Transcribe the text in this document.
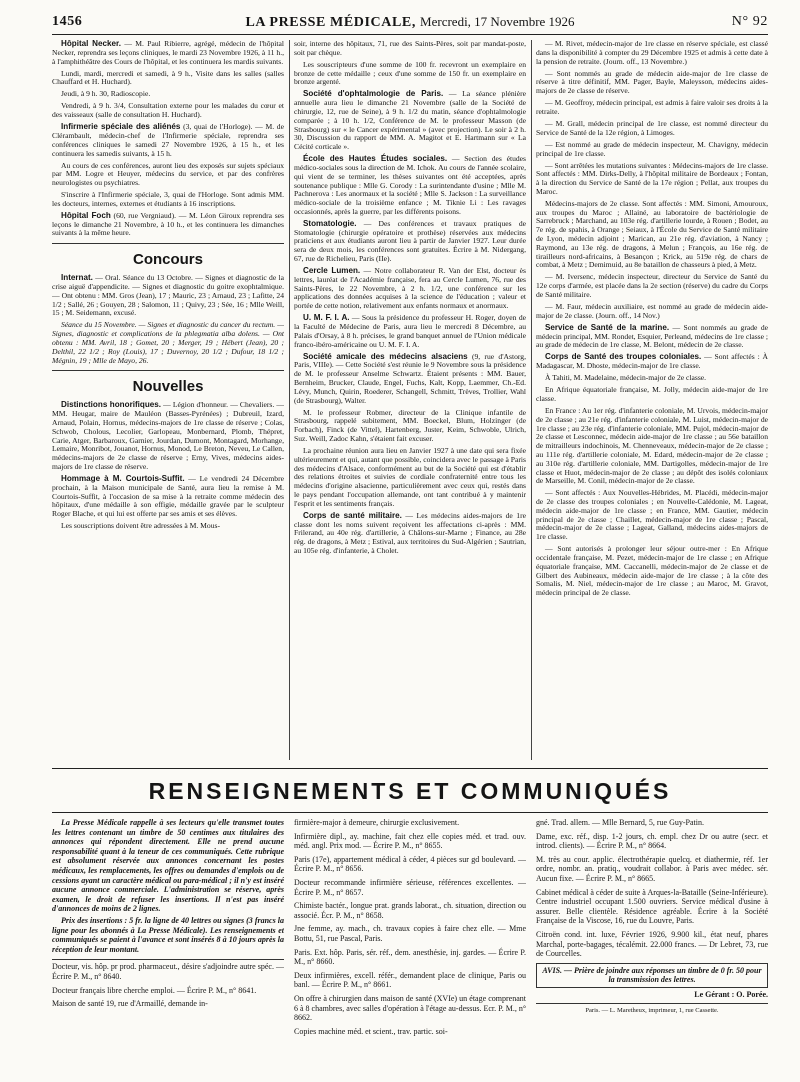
1456	LA PRESSE MÉDICALE, Mercredi, 17 Novembre 1926	N° 92

Hôpital Necker. — M. Paul Ribierre, agrégé, médecin de l'hôpital Necker, reprendra ses leçons cliniques, le mardi 23 Novembre 1926, à 11 h., à l'amphithéâtre des Cours de l'hôpital, et les continuera les mardis suivants.

Lundi, mardi, mercredi et samedi, à 9 h., Visite dans les salles (salles Chauffard et H. Huchard).

Jeudi, à 9 h. 30, Radioscopie.

Vendredi, à 9 h. 3/4, Consultation externe pour les malades du cœur et des vaisseaux (salle de consultation H. Huchard).

Infirmerie spéciale des aliénés (3, quai de l'Horloge). — M. de Clérambault, médecin-chef de l'Infirmerie spéciale, reprendra ses conférences cliniques le samedi 27 Novembre 1926, à 15 h., et les continuera les samedis suivants, à 15 h.

Au cours de ces conférences, auront lieu des exposés sur sujets spéciaux par MM. Logre et Heuyer, médecins du service, et par des confrères neurologistes ou psychiatres.

S'inscrire à l'Infirmerie spéciale, 3, quai de l'Horloge. Sont admis MM. les docteurs, internes, externes et étudiants à 16 inscriptions.

Hôpital Foch (60, rue Vergniaud). — M. Léon Giroux reprendra ses leçons le dimanche 21 Novembre, à 10 h., et les continuera les dimanches suivants à la même heure.

Concours

Internat. — Oral. Séance du 13 Octobre. — Signes et diagnostic de la crise aiguë d'appendicite. — Signes et diagnostic du goitre exophtalmique. — Ont obtenu : MM. Gros (Jean), 17 ; Mauric, 23 ; Arnaud, 23 ; Lafitte, 24 1/2 ; Sallé, 26 ; Gouyen, 28 ; Salomon, 11 ; Quivy, 23 ; Sée, 16 ; Mlle Weill, 15 ; M. Seidemann, excusé.

Séance du 15 Novembre. — Signes et diagnostic du cancer du rectum. — Signes, diagnostic et complications de la phlegmatia alba dolens. — Ont obtenu : MM. Avril, 18 ; Gomet, 20 ; Merger, 19 ; Hébert (Jean), 20 ; Delthil, 22 1/2 ; Roy (Louis), 17 ; Duvernoy, 20 1/2 ; Dufour, 18 1/2 ; Mégnin, 19 ; Mlle de Mayo, 26.

Nouvelles

Distinctions honorifiques. — Légion d'honneur. — Chevaliers. — MM. Heugar, maire de Mauléon (Basses-Pyrénées) ; Dubreuil, Izard, Arnaud, Polain, Hornus, médecins-majors de 1re classe de réserve ; Colas, Schwob, Cholous, Lecolier, Garlopeau, Monbernard, Plomb, Thépret, Carie, Atger, Barbaroux, Garnier, Jourdan, Dumont, Montagard, Morhange, Lemaire, Monribot, Jouanot, Hornus, Monod, Le Breton, Neveu, Le Callen, médecins-majors de 2e classe de réserve ; Erny, Vives, médecins aides-majors de 1re classe de réserve.

Hommage à M. Courtois-Suffit. — Le vendredi 24 Décembre prochain, à la Maison municipale de Santé, aura lieu la remise à M. Courtois-Suffit, à l'occasion de sa mise à la retraite comme médecin des hôpitaux, d'une médaille à son effigie, médaille gravée par le sculpteur Roger Blache, et qui lui est offerte par ses amis et ses élèves.

Les souscriptions doivent être adressées à M. Mous-

soir, interne des hôpitaux, 71, rue des Saints-Pères, soit par mandat-poste, soit par chèque.

Les souscripteurs d'une somme de 100 fr. recevront un exemplaire en bronze de cette médaille ; ceux d'une somme de 150 fr. un exemplaire en bronze argenté.

Société d'ophtalmologie de Paris. — La séance plénière annuelle aura lieu le dimanche 21 Novembre (salle de la Société de chirurgie, 12, rue de Seine), à 9 h. 1/2 du matin, séance d'ophtalmologie comparée ; à 10 h. 1/2, Conférence de M. le professeur Masson (de Strasbourg) sur « le Cancer expérimental » (avec projection). Le soir à 2 h. 30, Discussion du rapport de MM. A. Magitot et E. Hartmann sur « La Cécité corticale ».

École des Hautes Études sociales. — Section des études médico-sociales sous la direction de M. Ichok. Au cours de l'année scolaire, qui vient de se terminer, les thèses suivantes ont été acceptées, après soutenance publique : Mlle G. Corody : La surintendante d'usine ; Mlle M. Pachnerova : Les anormaux et la société ; Mlle S. Jackson : La surveillance médico-sociale de la troisième enfance ; M. Tiknie Li : Les ravages occasionnés, après la guerre, par les différents poisons.

Stomatologie. — Des conférences et travaux pratiques de Stomatologie (chirurgie opératoire et prothèse) réservées aux médecins praticiens et aux étudiants auront lieu à partir de Janvier 1927. Leur durée sera de deux mois, les conférences sont gratuites. Écrire à M. Nidergang, 67, rue de Richelieu, Paris (IIe).

Cercle Lumen. — Notre collaborateur R. Van der Elst, docteur ès lettres, lauréat de l'Académie française, fera au Cercle Lumen, 76, rue des Saints-Pères, le 22 Novembre, à 2 h. 1/2, une conférence sur les applications des données acquises à la science de l'éducation ; valeur et portée de cette notion, relativement aux enfants normaux et anormaux.

U. M. F. I. A. — Sous la présidence du professeur H. Roger, doyen de la Faculté de Médecine de Paris, aura lieu le mercredi 8 Décembre, au Palais d'Orsay, à 8 h. précises, le grand banquet annuel de l'Union médicale franco-ibéro-américaine ou U. M. F. I. A.

Société amicale des médecins alsaciens (9, rue d'Astorg, Paris, VIIIe). — Cette Société s'est réunie le 9 Novembre sous la présidence de M. le professeur Anselme Schwartz. Étaient présents : MM. Bauer, Bernheim, Brucker, Claude, Engel, Fuchs, Kalt, Kopp, Laemmer, Ch.-Ed. Lévy, Munch, Quirin, Roederer, Schangell, Schmitt, Trèves, Trollier, Wahl (de Strasbourg), Walter.

M. le professeur Robmer, directeur de la Clinique infantile de Strasbourg, rappelé subitement, MM. Boeckel, Blum, Holzinger (de Forbach), Finck (de Vittel), Hartenberg, Juster, Keim, Schwoble, Ulrich, Suz. Weill, Zadoc Kahn, s'étaient fait excuser.

La prochaine réunion aura lieu en Janvier 1927 à une date qui sera fixée ultérieurement et qui, autant que possible, coincidera avec le passage à Paris des médecins d'Alsace, conformément au but de la Société qui est d'établir des relations étroites et suivies de cordiale confraternité entre tous les médecins d'origine alsacienne, particulièrement avec ceux qui, restés dans le pays pendant l'occupation allemande, ont tant contribué à y maintenir l'esprit et les sentiments français.

Corps de santé militaire. — Les médecins aides-majors de 1re classe dont les noms suivent reçoivent les affectations ci-après : MM. Frilerand, au 40e rég. d'artillerie, à Châlons-sur-Marne ; Finance, au 28e rég. de dragons, à Metz ; Estival, aux territoires du Sud-Algérien ; Sautrian, au 105e rég. d'infanterie, à Cholet.

— M. Rivet, médecin-major de 1re classe en réserve spéciale, est classé dans la disponibilité à compter du 29 Décembre 1925 et admis à cette date à la pension de retraite. (Journ. off., 13 Novembre.)

— Sont nommés au grade de médecin aide-major de 1re classe de réserve à titre définitif, MM. Pager, Bayle, Maleysson, médecins aides-majors de 2e classe de réserve.

— M. Geoffroy, médecin principal, est admis à faire valoir ses droits à la retraite.

— M. Grall, médecin principal de 1re classe, est nommé directeur du Service de Santé de la 12e région, à Limoges.

— Est nommé au grade de médecin inspecteur, M. Chavigny, médecin principal de 1re classe.

— Sont arrêtées les mutations suivantes : Médecins-majors de 1re classe. Sont affectés : MM. Dirks-Delly, à l'hôpital militaire de Bordeaux ; Fontan, à la direction du Service de Santé de la 17e région ; Pellat, aux troupes du Maroc.

Médecins-majors de 2e classe. Sont affectés : MM. Simoni, Amouroux, aux troupes du Maroc ; Allainé, au laboratoire de bactériologie de Sarrebruck ; Marchand, au 103e rég. d'artillerie lourde, à Rouen ; Bodet, au 7e rég. de spahis, à Orange ; Seiaux, à l'École du Service de Santé militaire de Lyon, médecin adjoint ; Marican, au 21e rég. d'aviation, à Nancy ; Raymond, au 13e rég. de dragons, à Melun ; François, au 16e rég. de tirailleurs nord-africains, à Besançon ; Krick, au 519e rég. de chars de combat, à Metz ; Demimuid, au 8e bataillon de chasseurs à pied, à Metz.

— M. Iversenc, médecin inspecteur, directeur du Service de Santé du 12e corps d'armée, est placée dans la 2e section (réserve) du cadre du Corps de Santé militaire.

— M. Faur, médecin auxiliaire, est nommé au grade de médecin aide-major de 2e classe. (Journ. off., 14 Nov.)

Service de Santé de la marine. — Sont nommés au grade de médecin principal, MM. Rondet, Esquier, Perleand, médecins de 1re classe ; au grade de médecin de 1re classe, M. Belont, médecin de 2e classe.

Corps de Santé des troupes coloniales. — Sont affectés : À Madagascar, M. Dhoste, médecin-major de 1re classe.

À Tahiti, M. Madelaine, médecin-major de 2e classe.

En Afrique équatoriale française, M. Jolly, médecin aide-major de 1re classe.

En France : Au 1er rég. d'infanterie coloniale, M. Urvois, médecin-major de 2e classe ; au 21e rég. d'infanterie coloniale, M. Luist, médecin-major de 1re classe ; au 23e rég. d'infanterie coloniale, MM. Pujol, médecin-major de 2e classe et Lesconnec, médecin aide-major de 1re classe ; au 56e bataillon de mitrailleurs indochinois, M. Chenneveaux, médecin-major de 2e classe ; au 111e rég. d'artillerie coloniale, M. Edard, médecin-major de 2e classe ; au 310e rég. d'artillerie coloniale, MM. Dartigolles, médecin-major de 1re classe et Huot, médecin-major de 2e classe ; au dépôt des isolés coloniaux de Marseille, M. Conil, médecin-major de 2e classe.

— Sont affectés : Aux Nouvelles-Hébrides, M. Placédi, médecin-major de 2e classe des troupes coloniales ; en Nouvelle-Calédonie, M. Lageat, médecin aide-major de 1re classe ; en France, MM. Gautier, médecin principal de 2e classe ; Chaillet, médecin-major de 1re classe ; Pascal, médecin-major de 2e classe ; Lageat, Galland, médecins aides-majors de 1re classe.

— Sont autorisés à prolonger leur séjour outre-mer : En Afrique occidentale française, M. Pezet, médecin-major de 1re classe ; en Afrique équatoriale française, MM. Caccanelli, médecin-major de 2e classe et de Gilbert des Aubineaux, médecin aide-major de 1re classe ; à la côte des Somalis, M. Niel, médecin-major de 1re classe ; au Maroc, M. Gravot, médecin principal de 2e classe.

RENSEIGNEMENTS ET COMMUNIQUÉS

La Presse Médicale rappelle à ses lecteurs qu'elle transmet toutes les lettres contenant un timbre de 50 centimes aux titulaires des annonces qui répondent directement. Elle ne prend aucune responsabilité quant à la teneur de ces communiqués. Cette rubrique est absolument réservée aux annonces concernant les postes médicaux, les remplacements, les offres ou demandes d'emplois ou de cessions ayant un caractère médical ou para-médical ; il n'y est inséré aucune annonce commerciale. L'administration se réserve, après examen, le droit de refuser les insertions. Il n'est pas inséré d'annonces de moins de 2 lignes.

Prix des insertions : 5 fr. la ligne de 40 lettres ou signes (3 francs la ligne pour les abonnés à La Presse Médicale). Les renseignements et communiqués se paient à l'avance et sont insérés 8 à 10 jours après la réception de leur montant.

Docteur, vis. hôp. pr prod. pharmaceut., désire s'adjoindre autre spéc. — Écrire P. M., n° 8640.

Docteur français libre cherche emploi. — Écrire P. M., n° 8641.

Maison de santé 19, rue d'Armaillé, demande in-

firmière-major à demeure, chirurgie exclusivement.

Infirmière dipl., ay. machine, fait chez elle copies méd. et trad. ouv. méd. angl. Prix mod. — Écrire P. M., n° 8655.

Paris (17e), appartement médical à céder, 4 pièces sur gd boulevard. — Écrire P. M., n° 8656.

Docteur recommande infirmière sérieuse, références excellentes. — Écrire P. M., n° 8657.

Chimiste bactér., longue prat. grands laborat., ch. situation, direction ou associé. Écr. P. M., n° 8658.

Jne femme, ay. mach., ch. travaux copies à faire chez elle. — Mme Bottu, 51, rue Pascal, Paris.

Paris. Ext. hôp. Paris, sér. réf., dem. anesthésie, inj. gardes. — Écrire P. M., n° 8660.

Deux infirmières, excell. référ., demandent place de clinique, Paris ou banl. — Écrire P. M., n° 8661.

On offre à chirurgien dans maison de santé (XVIe) un étage comprenant 6 à 8 chambres, avec salles d'opération à l'étage au-dessus. Ecr. P. M., n° 8662.

Copies machine méd. et scient., trav. partic. soi-

gné. Trad. allem. — Mlle Bernard, 5, rue Guy-Patin.

Dame, exc. réf., disp. 1-2 jours, ch. empl. chez Dr ou autre (secr. et introd. clients). — Écrire P. M., n° 8664.

M. très au cour. applic. électrothérapie quelcq. et diathermie, réf. 1er ordre, nombr. an. pratiq., voudrait collabor. à Paris avec médec. sér. Aucun fixe. — Écrire P. M., n° 8665.

Cabinet médical à céder de suite à Arques-la-Bataille (Seine-Inférieure). Centre industriel occupant 1.500 ouvriers. Service médical d'usine à assurer. Belle clientèle. Résidence agréable. Écrire à la Société Française de la Viscose, 16, rue du Louvre, Paris.

Citroën cond. int. luxe, Février 1926, 9.900 kil., état neuf, phares Marchal, porte-bagages, técalémit. 22.000 francs. — Dr Lebret, 73, rue de Courcelles.

AVIS. — Prière de joindre aux réponses un timbre de 0 fr. 50 pour la transmission des lettres.
Le Gérant : O. Porée.
Paris. — L. Maretheux, imprimeur, 1, rue Cassette.
